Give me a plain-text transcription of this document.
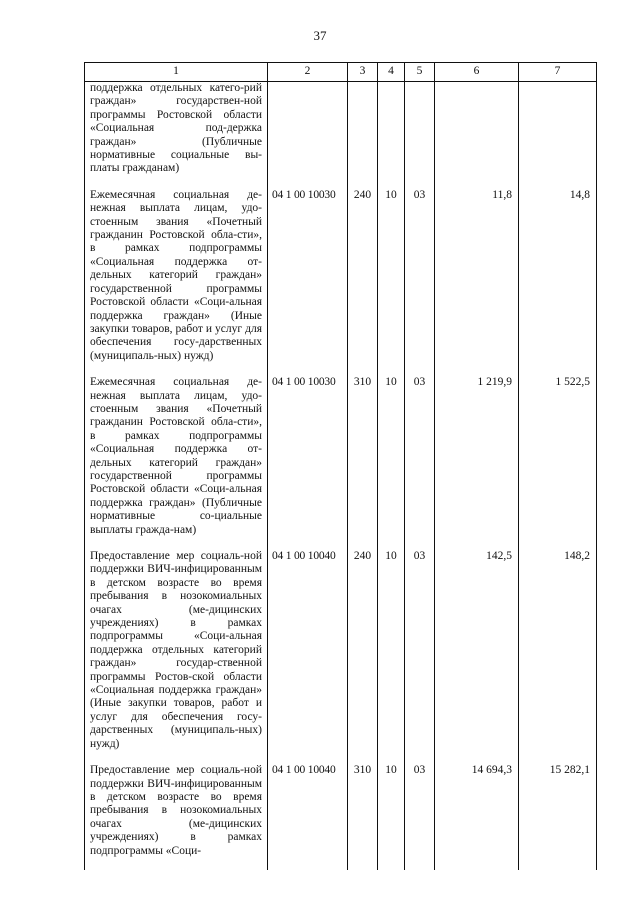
37
1	2	3	4	5	6	7
поддержка отдельных катего-рий граждан» государствен-ной программы Ростовской области «Социальная под-держка граждан» (Публичные нормативные социальные вы-платы гражданам)						
Ежемесячная социальная де-нежная выплата лицам, удо-стоенным звания «Почетный гражданин Ростовской обла-сти», в рамках подпрограммы «Социальная поддержка от-дельных категорий граждан» государственной программы Ростовской области «Соци-альная поддержка граждан» (Иные закупки товаров, работ и услуг для обеспечения госу-дарственных (муниципаль-ных) нужд)	04 1 00 10030	240	10	03	11,8	14,8
Ежемесячная социальная де-нежная выплата лицам, удо-стоенным звания «Почетный гражданин Ростовской обла-сти», в рамках подпрограммы «Социальная поддержка от-дельных категорий граждан» государственной программы Ростовской области «Соци-альная поддержка граждан» (Публичные нормативные со-циальные выплаты гражда-нам)	04 1 00 10030	310	10	03	1 219,9	1 522,5
Предоставление мер социаль-ной поддержки ВИЧ-инфицированным в детском возрасте во время пребывания в нозокомиальных очагах (ме-дицинских учреждениях) в рамках подпрограммы «Соци-альная поддержка отдельных категорий граждан» государ-ственной программы Ростов-ской области «Социальная поддержка граждан» (Иные закупки товаров, работ и услуг для обеспечения госу-дарственных (муниципаль-ных) нужд)	04 1 00 10040	240	10	03	142,5	148,2
Предоставление мер социаль-ной поддержки ВИЧ-инфицированным в детском возрасте во время пребывания в нозокомиальных очагах (ме-дицинских учреждениях) в рамках подпрограммы «Соци-	04 1 00 10040	310	10	03	14 694,3	15 282,1
